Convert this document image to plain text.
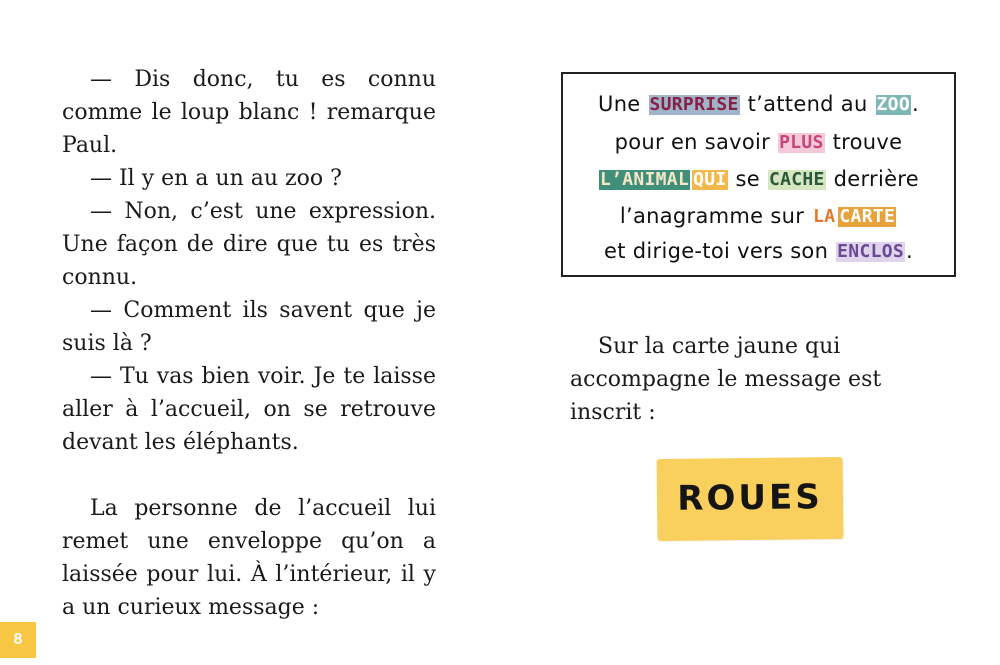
— Dis donc, tu es connu comme le loup blanc ! remarque Paul.

— Il y en a un au zoo ?

— Non, c’est une expression. Une façon de dire que tu es très connu.

— Comment ils savent que je suis là ?

— Tu vas bien voir. Je te laisse aller à l’accueil, on se retrouve devant les éléphants.

La personne de l’accueil lui remet une enveloppe qu’on a laissée pour lui. À l’intérieur, il y a un curieux message :

Une SURPRISE t’attend au ZOO.
pour en savoir PLUS trouve
L’ANIMAL QUI se CACHE derrière
l’anagramme sur LA CARTE
et dirige-toi vers son ENCLOS.

Sur la carte jaune qui accompagne le message est inscrit :

ROUES
8
